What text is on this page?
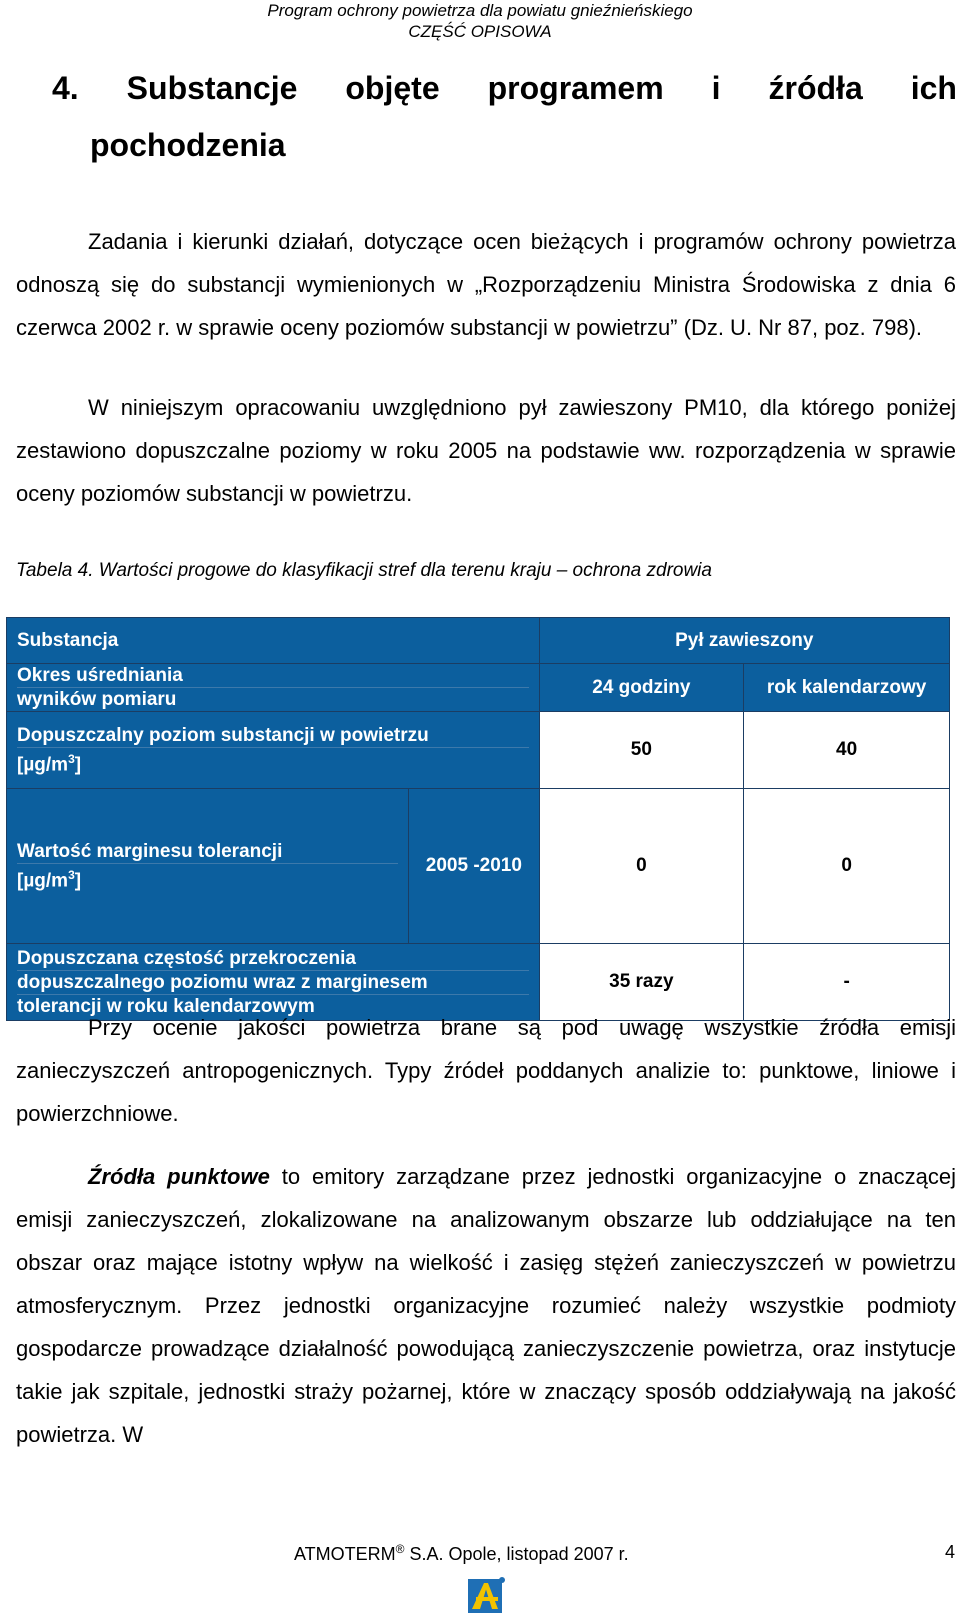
Program ochrony powietrza dla powiatu gnieźnieńskiego
CZĘŚĆ OPISOWA
4. Substancje objęte programem i źródła ich
pochodzenia

Zadania i kierunki działań, dotyczące ocen bieżących i programów ochrony powietrza odnoszą się do substancji wymienionych w „Rozporządzeniu Ministra Środowiska z dnia 6 czerwca 2002 r. w sprawie oceny poziomów substancji w powietrzu” (Dz. U. Nr 87, poz. 798).

W niniejszym opracowaniu uwzględniono pył zawieszony PM10, dla którego poniżej zestawiono dopuszczalne poziomy w roku 2005 na podstawie ww. rozporządzenia w sprawie oceny poziomów substancji w powietrzu.

Tabela 4. Wartości progowe do klasyfikacji stref dla terenu kraju – ochrona zdrowia
Substancja		Pył zawieszony	

Okres uśredniania
wyników pomiaru		24 godziny	rok kalendarzowy

Dopuszczalny poziom substancji w powietrzu
$[\mu g/m^3]$		50	40

Wartość marginesu tolerancji
$[\mu g/m^3]$	2005 -2010	0	0

Dopuszczana częstość przekroczenia
dopuszczalnego poziomu wraz z marginesem
tolerancji w roku kalendarzowym		35 razy	-

Przy ocenie jakości powietrza brane są pod uwagę wszystkie źródła emisji zanieczyszczeń antropogenicznych. Typy źródeł poddanych analizie to: punktowe, liniowe i powierzchniowe.

Źródła punktowe to emitory zarządzane przez jednostki organizacyjne o znaczącej emisji zanieczyszczeń, zlokalizowane na analizowanym obszarze lub oddziałujące na ten obszar oraz mające istotny wpływ na wielkość i zasięg stężeń zanieczyszczeń w powietrzu atmosferycznym. Przez jednostki organizacyjne rozumieć należy wszystkie podmioty gospodarcze prowadzące działalność powodującą zanieczyszczenie powietrza, oraz instytucje takie jak szpitale, jednostki straży pożarnej, które w znaczący sposób oddziaływają na jakość powietrza. W

ATMOTERM® S.A. Opole, listopad 2007 r.	4
